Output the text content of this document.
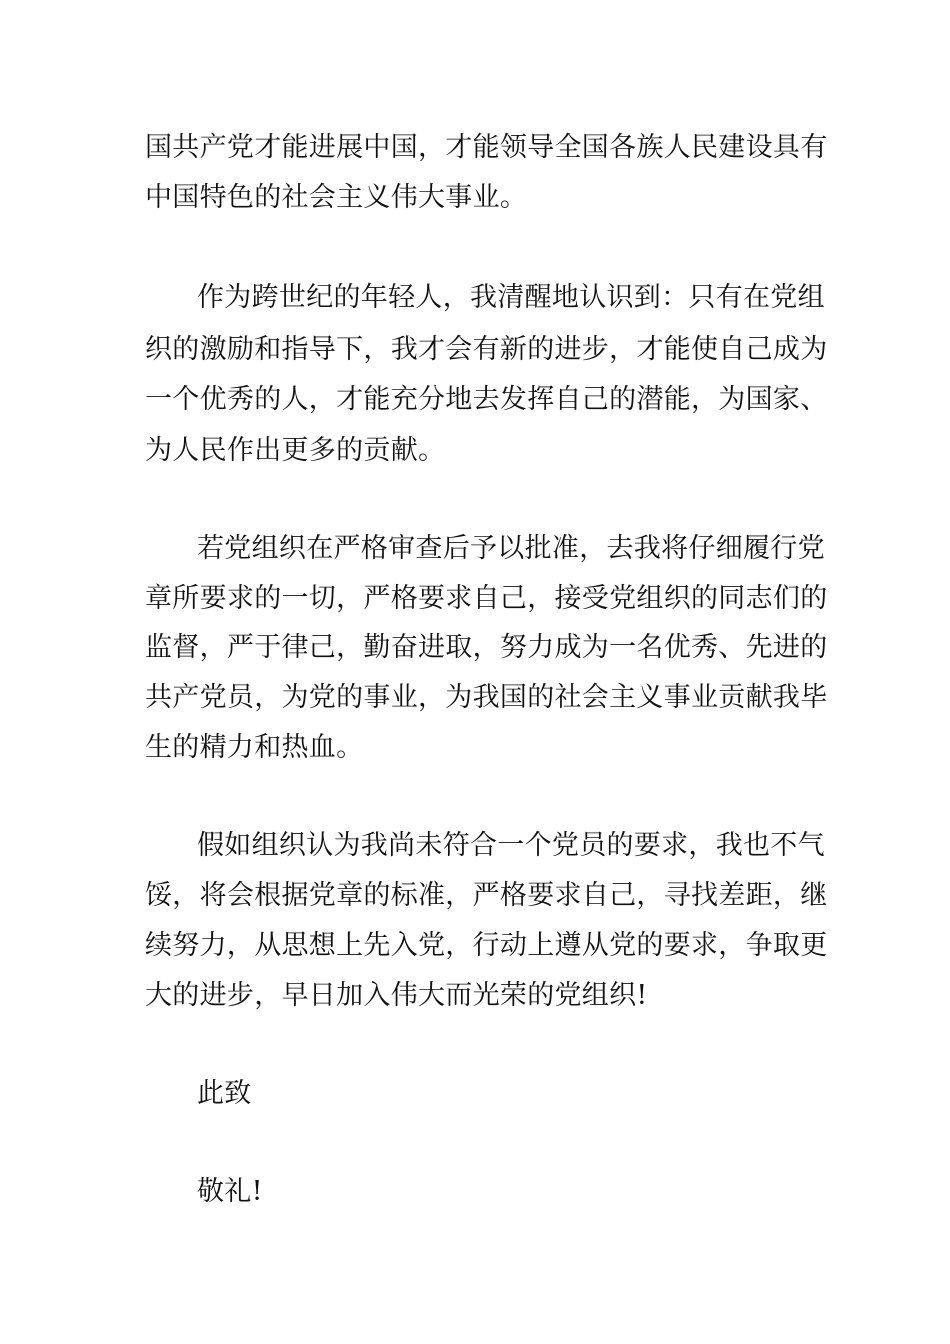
国共产党才能进展中国，才能领导全国各族人民建设具有
中国特色的社会主义伟大事业。
作为跨世纪的年轻人，我清醒地认识到：只有在党组
织的激励和指导下，我才会有新的进步，才能使自己成为
一个优秀的人，才能充分地去发挥自己的潜能，为国家、
为人民作出更多的贡献。
若党组织在严格审查后予以批准，去我将仔细履行党
章所要求的一切，严格要求自己，接受党组织的同志们的
监督，严于律己，勤奋进取，努力成为一名优秀、先进的
共产党员，为党的事业，为我国的社会主义事业贡献我毕
生的精力和热血。
假如组织认为我尚未符合一个党员的要求，我也不气
馁，将会根据党章的标准，严格要求自己，寻找差距，继
续努力，从思想上先入党，行动上遵从党的要求，争取更
大的进步，早日加入伟大而光荣的党组织!
此致
敬礼!
